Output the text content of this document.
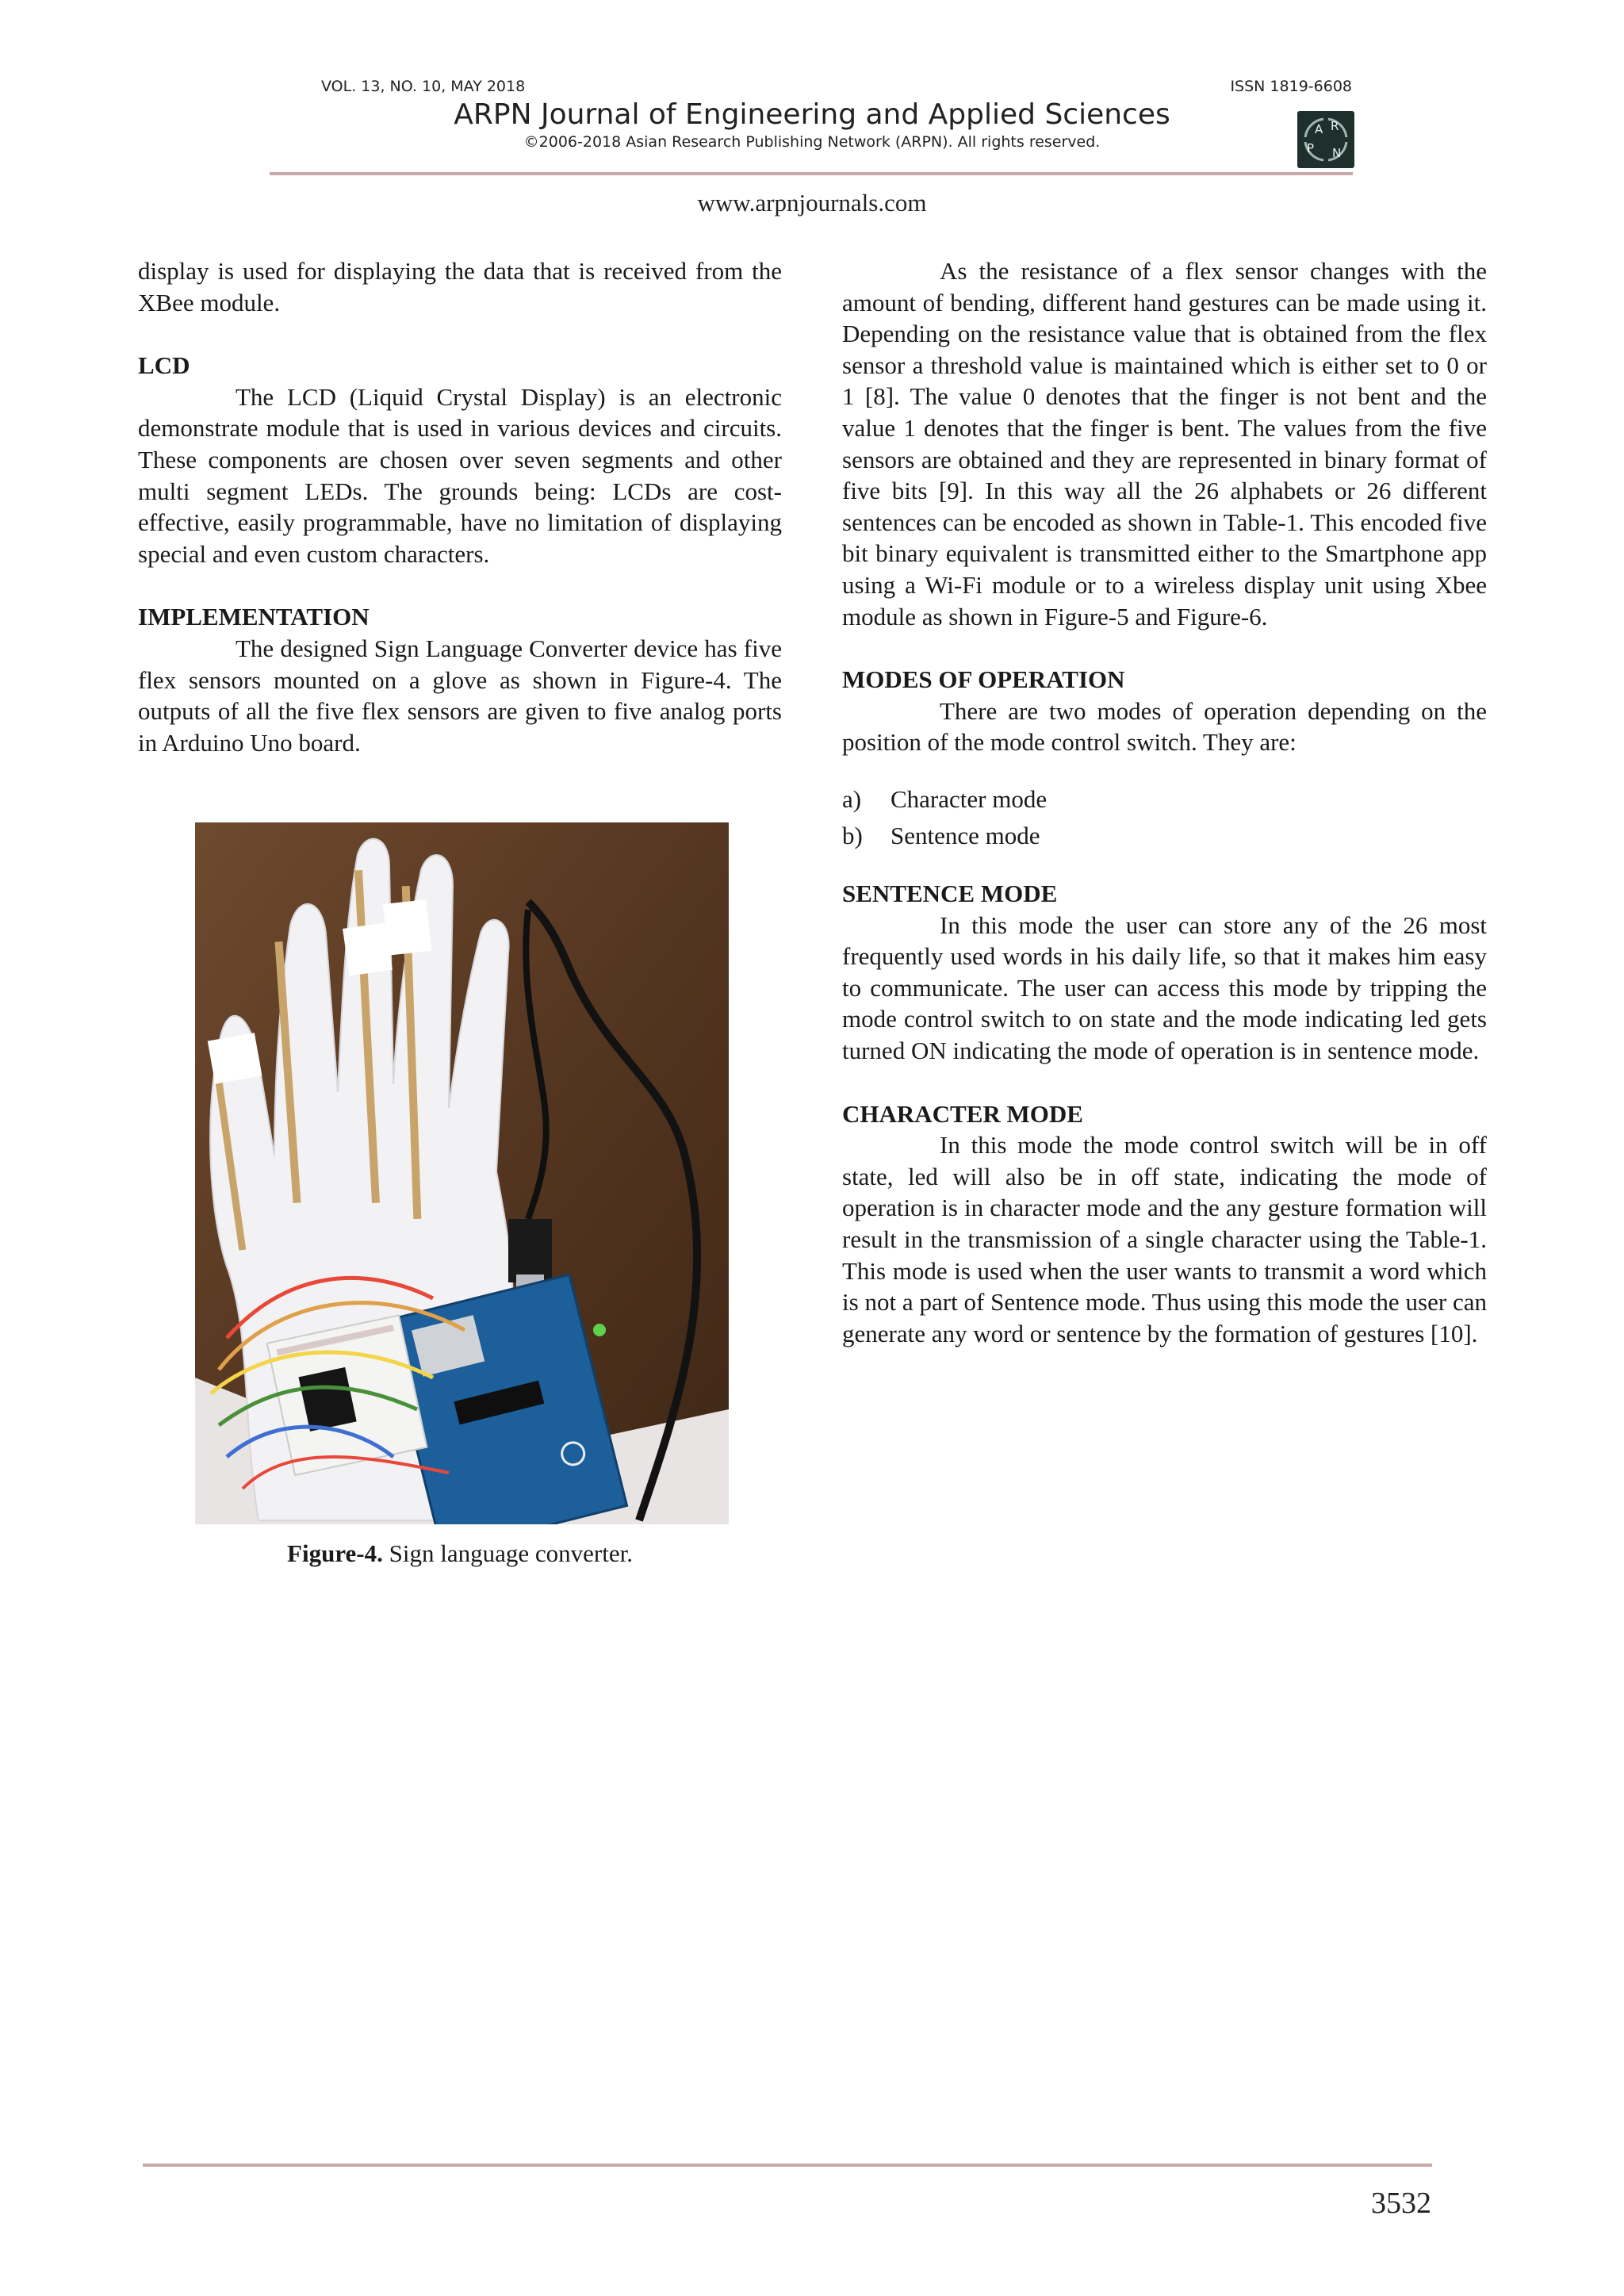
VOL. 13, NO. 10, MAY 2018	ISSN 1819-6608
ARPN Journal of Engineering and Applied Sciences
©2006-2018 Asian Research Publishing Network (ARPN). All rights reserved.
A R
P N
www.arpnjournals.com

display is used for displaying the data that is received from the XBee module.

LCD

The LCD (Liquid Crystal Display) is an electronic demonstrate module that is used in various devices and circuits. These components are chosen over seven segments and other multi segment LEDs. The grounds being: LCDs are cost-effective, easily programmable, have no limitation of displaying special and even custom characters.

IMPLEMENTATION

The designed Sign Language Converter device has five flex sensors mounted on a glove as shown in Figure-4. The outputs of all the five flex sensors are given to five analog ports in Arduino Uno board.

Figure-4. Sign language converter.

As the resistance of a flex sensor changes with the amount of bending, different hand gestures can be made using it. Depending on the resistance value that is obtained from the flex sensor a threshold value is maintained which is either set to 0 or 1 [8]. The value 0 denotes that the finger is not bent and the value 1 denotes that the finger is bent. The values from the five sensors are obtained and they are represented in binary format of five bits [9]. In this way all the 26 alphabets or 26 different sentences can be encoded as shown in Table-1. This encoded five bit binary equivalent is transmitted either to the Smartphone app using a Wi-Fi module or to a wireless display unit using Xbee module as shown in Figure-5 and Figure-6.

MODES OF OPERATION

There are two modes of operation depending on the position of the mode control switch. They are:

a)	Character mode
b)	Sentence mode
SENTENCE MODE

In this mode the user can store any of the 26 most frequently used words in his daily life, so that it makes him easy to communicate. The user can access this mode by tripping the mode control switch to on state and the mode indicating led gets turned ON indicating the mode of operation is in sentence mode.

CHARACTER MODE

In this mode the mode control switch will be in off state, led will also be in off state, indicating the mode of operation is in character mode and the any gesture formation will result in the transmission of a single character using the Table-1. This mode is used when the user wants to transmit a word which is not a part of Sentence mode. Thus using this mode the user can generate any word or sentence by the formation of gestures [10].

3532
